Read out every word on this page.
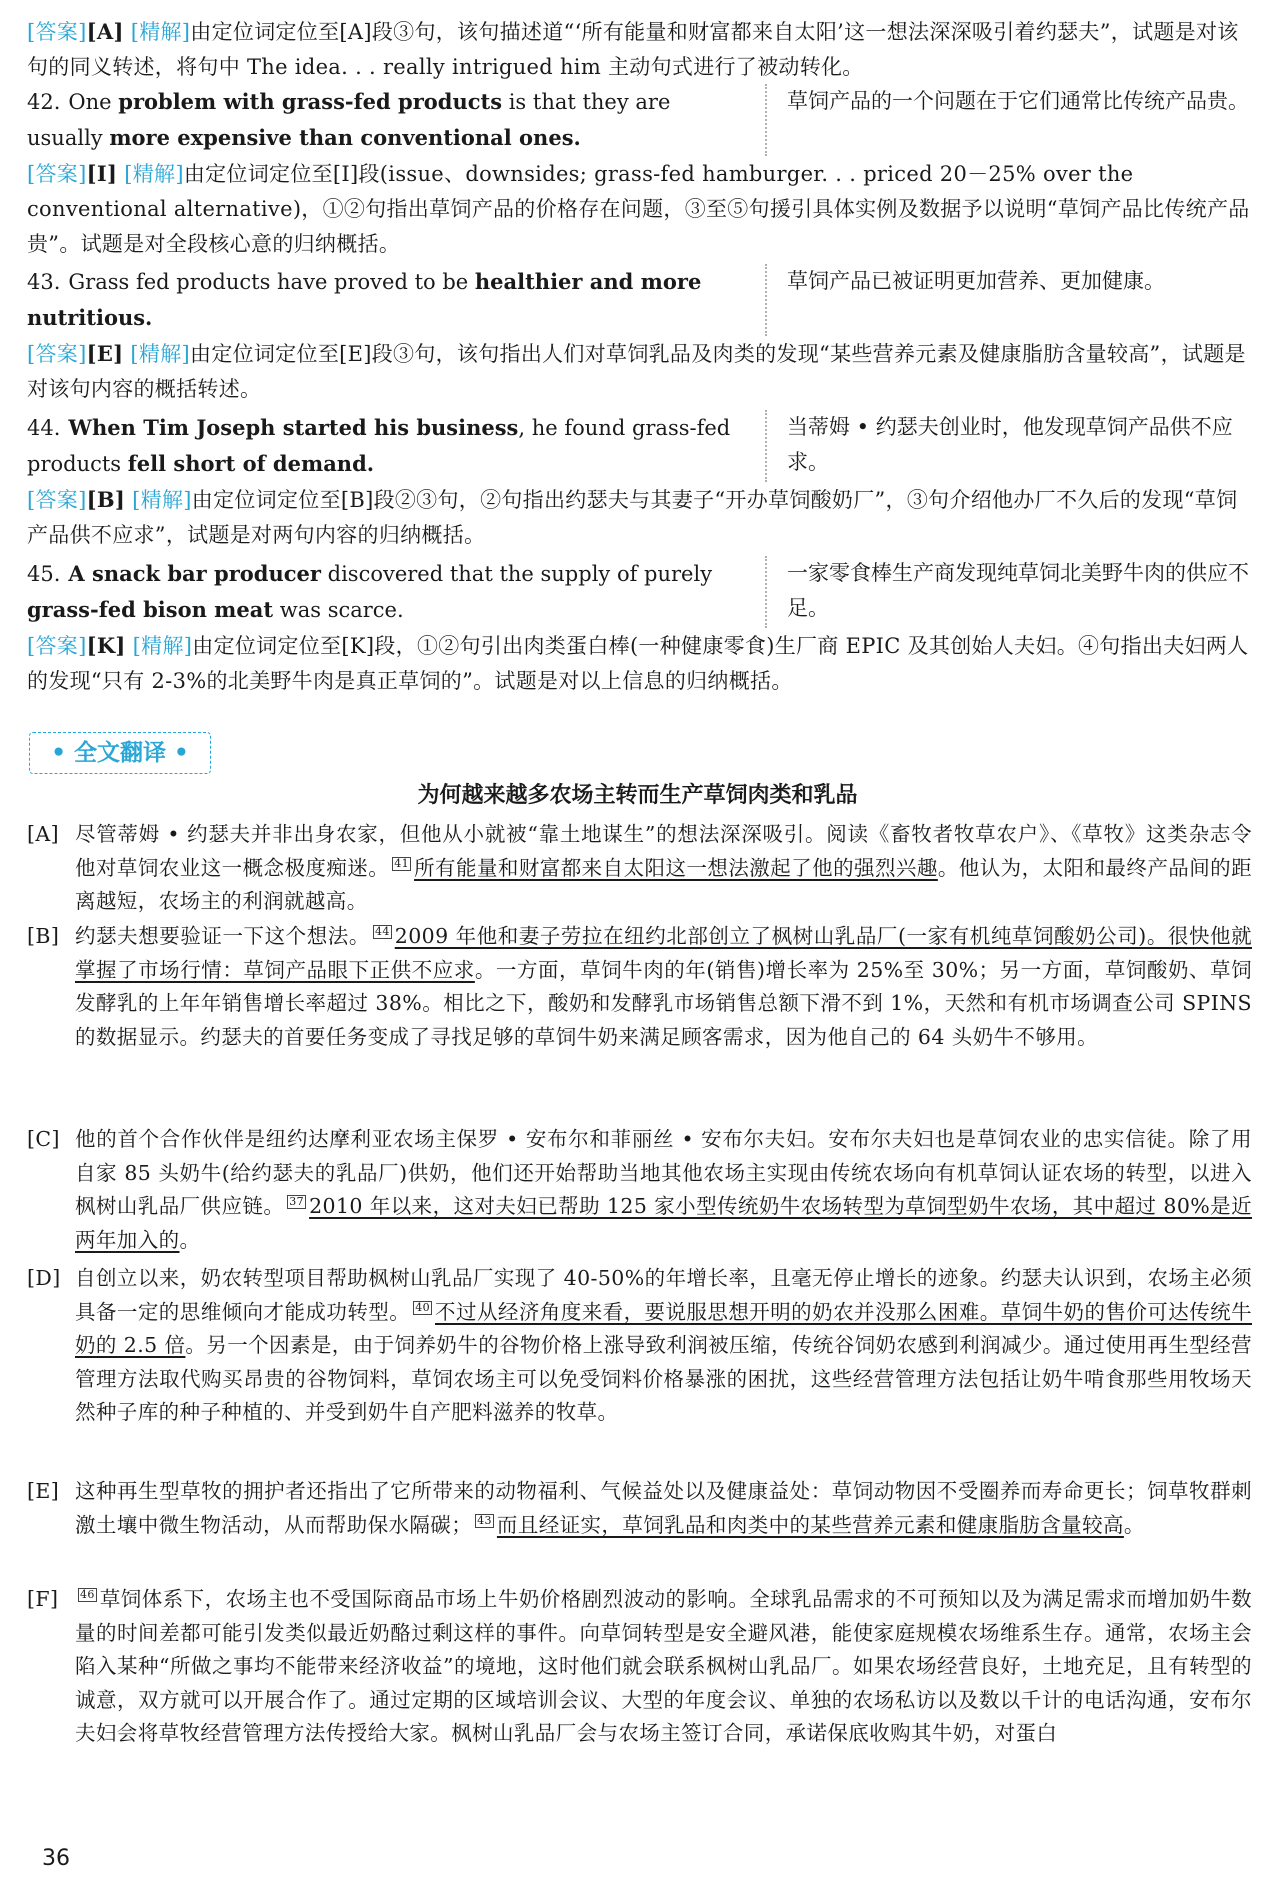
[ 答案 ] [A] [ 精解 ] 由定位词定位至[A]段③句，该句描述道“‘所有能量和财富都来自太阳’这一想法深深吸引着约瑟夫”，试题是对该句的同义转述，将句中 The idea. . . really intrigued him 主动句式进行了被动转化。
42. One problem with grass-fed products is that they are usually more expensive than conventional ones.
草饲产品的一个问题在于它们通常比传统产品贵。
[ 答案 ] [I] [ 精解 ] 由定位词定位至[I]段(issue、downsides; grass-fed hamburger. . . priced 20－25% over the conventional alternative)，①②句指出草饲产品的价格存在问题，③至⑤句援引具体实例及数据予以说明“草饲产品比传统产品贵”。试题是对全段核心意的归纳概括。
43. Grass fed products have proved to be healthier and more nutritious.
草饲产品已被证明更加营养、更加健康。
[ 答案 ] [E] [ 精解 ] 由定位词定位至[E]段③句，该句指出人们对草饲乳品及肉类的发现“某些营养元素及健康脂肪含量较高”，试题是对该句内容的概括转述。
44. When Tim Joseph started his business, he found grass-fed products fell short of demand.
当蒂姆 • 约瑟夫创业时，他发现草饲产品供不应求。
[ 答案 ] [B] [ 精解 ] 由定位词定位至[B]段②③句，②句指出约瑟夫与其妻子“开办草饲酸奶厂”，③句介绍他办厂不久后的发现“草饲产品供不应求”，试题是对两句内容的归纳概括。
45. A snack bar producer discovered that the supply of purely grass-fed bison meat was scarce.
一家零食棒生产商发现纯草饲北美野牛肉的供应不足。
[ 答案 ] [K] [ 精解 ] 由定位词定位至[K]段，①②句引出肉类蛋白棒(一种健康零食)生厂商 EPIC 及其创始人夫妇。④句指出夫妇两人的发现“只有 2-3%的北美野牛肉是真正草饲的”。试题是对以上信息的归纳概括。
• 全文翻译 •
为何越来越多农场主转而生产草饲肉类和乳品
[A] 尽管蒂姆 • 约瑟夫并非出身农家，但他从小就被“靠土地谋生”的想法深深吸引。阅读《畜牧者牧草农户》、《草牧》这类杂志令他对草饲农业这一概念极度痴迷。 41 所有能量和财富都来自太阳这一想法激起了他的强烈兴趣。他认为，太阳和最终产品间的距离越短，农场主的利润就越高。
[B] 约瑟夫想要验证一下这个想法。 44 2009 年他和妻子劳拉在纽约北部创立了枫树山乳品厂(一家有机纯草饲酸奶公司)。很快他就掌握了市场行情：草饲产品眼下正供不应求。一方面，草饲牛肉的年(销售)增长率为 25%至 30%；另一方面，草饲酸奶、草饲发酵乳的上年年销售增长率超过 38%。相比之下，酸奶和发酵乳市场销售总额下滑不到 1%，天然和有机市场调查公司 SPINS 的数据显示。约瑟夫的首要任务变成了寻找足够的草饲牛奶来满足顾客需求，因为他自己的 64 头奶牛不够用。
[C] 他的首个合作伙伴是纽约达摩利亚农场主保罗 • 安布尔和菲丽丝 • 安布尔夫妇。安布尔夫妇也是草饲农业的忠实信徒。除了用自家 85 头奶牛(给约瑟夫的乳品厂)供奶，他们还开始帮助当地其他农场主实现由传统农场向有机草饲认证农场的转型，以进入枫树山乳品厂供应链。 37 2010 年以来，这对夫妇已帮助 125 家小型传统奶牛农场转型为草饲型奶牛农场，其中超过 80%是近两年加入的。
[D] 自创立以来，奶农转型项目帮助枫树山乳品厂实现了 40-50%的年增长率，且毫无停止增长的迹象。约瑟夫认识到，农场主必须具备一定的思维倾向才能成功转型。 40 不过从经济角度来看，要说服思想开明的奶农并没那么困难。草饲牛奶的售价可达传统牛奶的 2.5 倍。另一个因素是，由于饲养奶牛的谷物价格上涨导致利润被压缩，传统谷饲奶农感到利润减少。通过使用再生型经营管理方法取代购买昂贵的谷物饲料，草饲农场主可以免受饲料价格暴涨的困扰，这些经营管理方法包括让奶牛啃食那些用牧场天然种子库的种子种植的、并受到奶牛自产肥料滋养的牧草。
[E] 这种再生型草牧的拥护者还指出了它所带来的动物福利、气候益处以及健康益处：草饲动物因不受圈养而寿命更长；饲草牧群刺激土壤中微生物活动，从而帮助保水隔碳； 43 而且经证实，草饲乳品和肉类中的某些营养元素和健康脂肪含量较高。
[F]	46 草饲体系下，农场主也不受国际商品市场上牛奶价格剧烈波动的影响。全球乳品需求的不可预知以及为满足需求而增加奶牛数量的时间差都可能引发类似最近奶酪过剩这样的事件。向草饲转型是安全避风港，能使家庭规模农场维系生存。通常，农场主会陷入某种“所做之事均不能带来经济收益”的境地，这时他们就会联系枫树山乳品厂。如果农场经营良好，土地充足，且有转型的诚意，双方就可以开展合作了。通过定期的区域培训会议、大型的年度会议、单独的农场私访以及数以千计的电话沟通，安布尔夫妇会将草牧经营管理方法传授给大家。枫树山乳品厂会与农场主签订合同，承诺保底收购其牛奶，对蛋白
36
